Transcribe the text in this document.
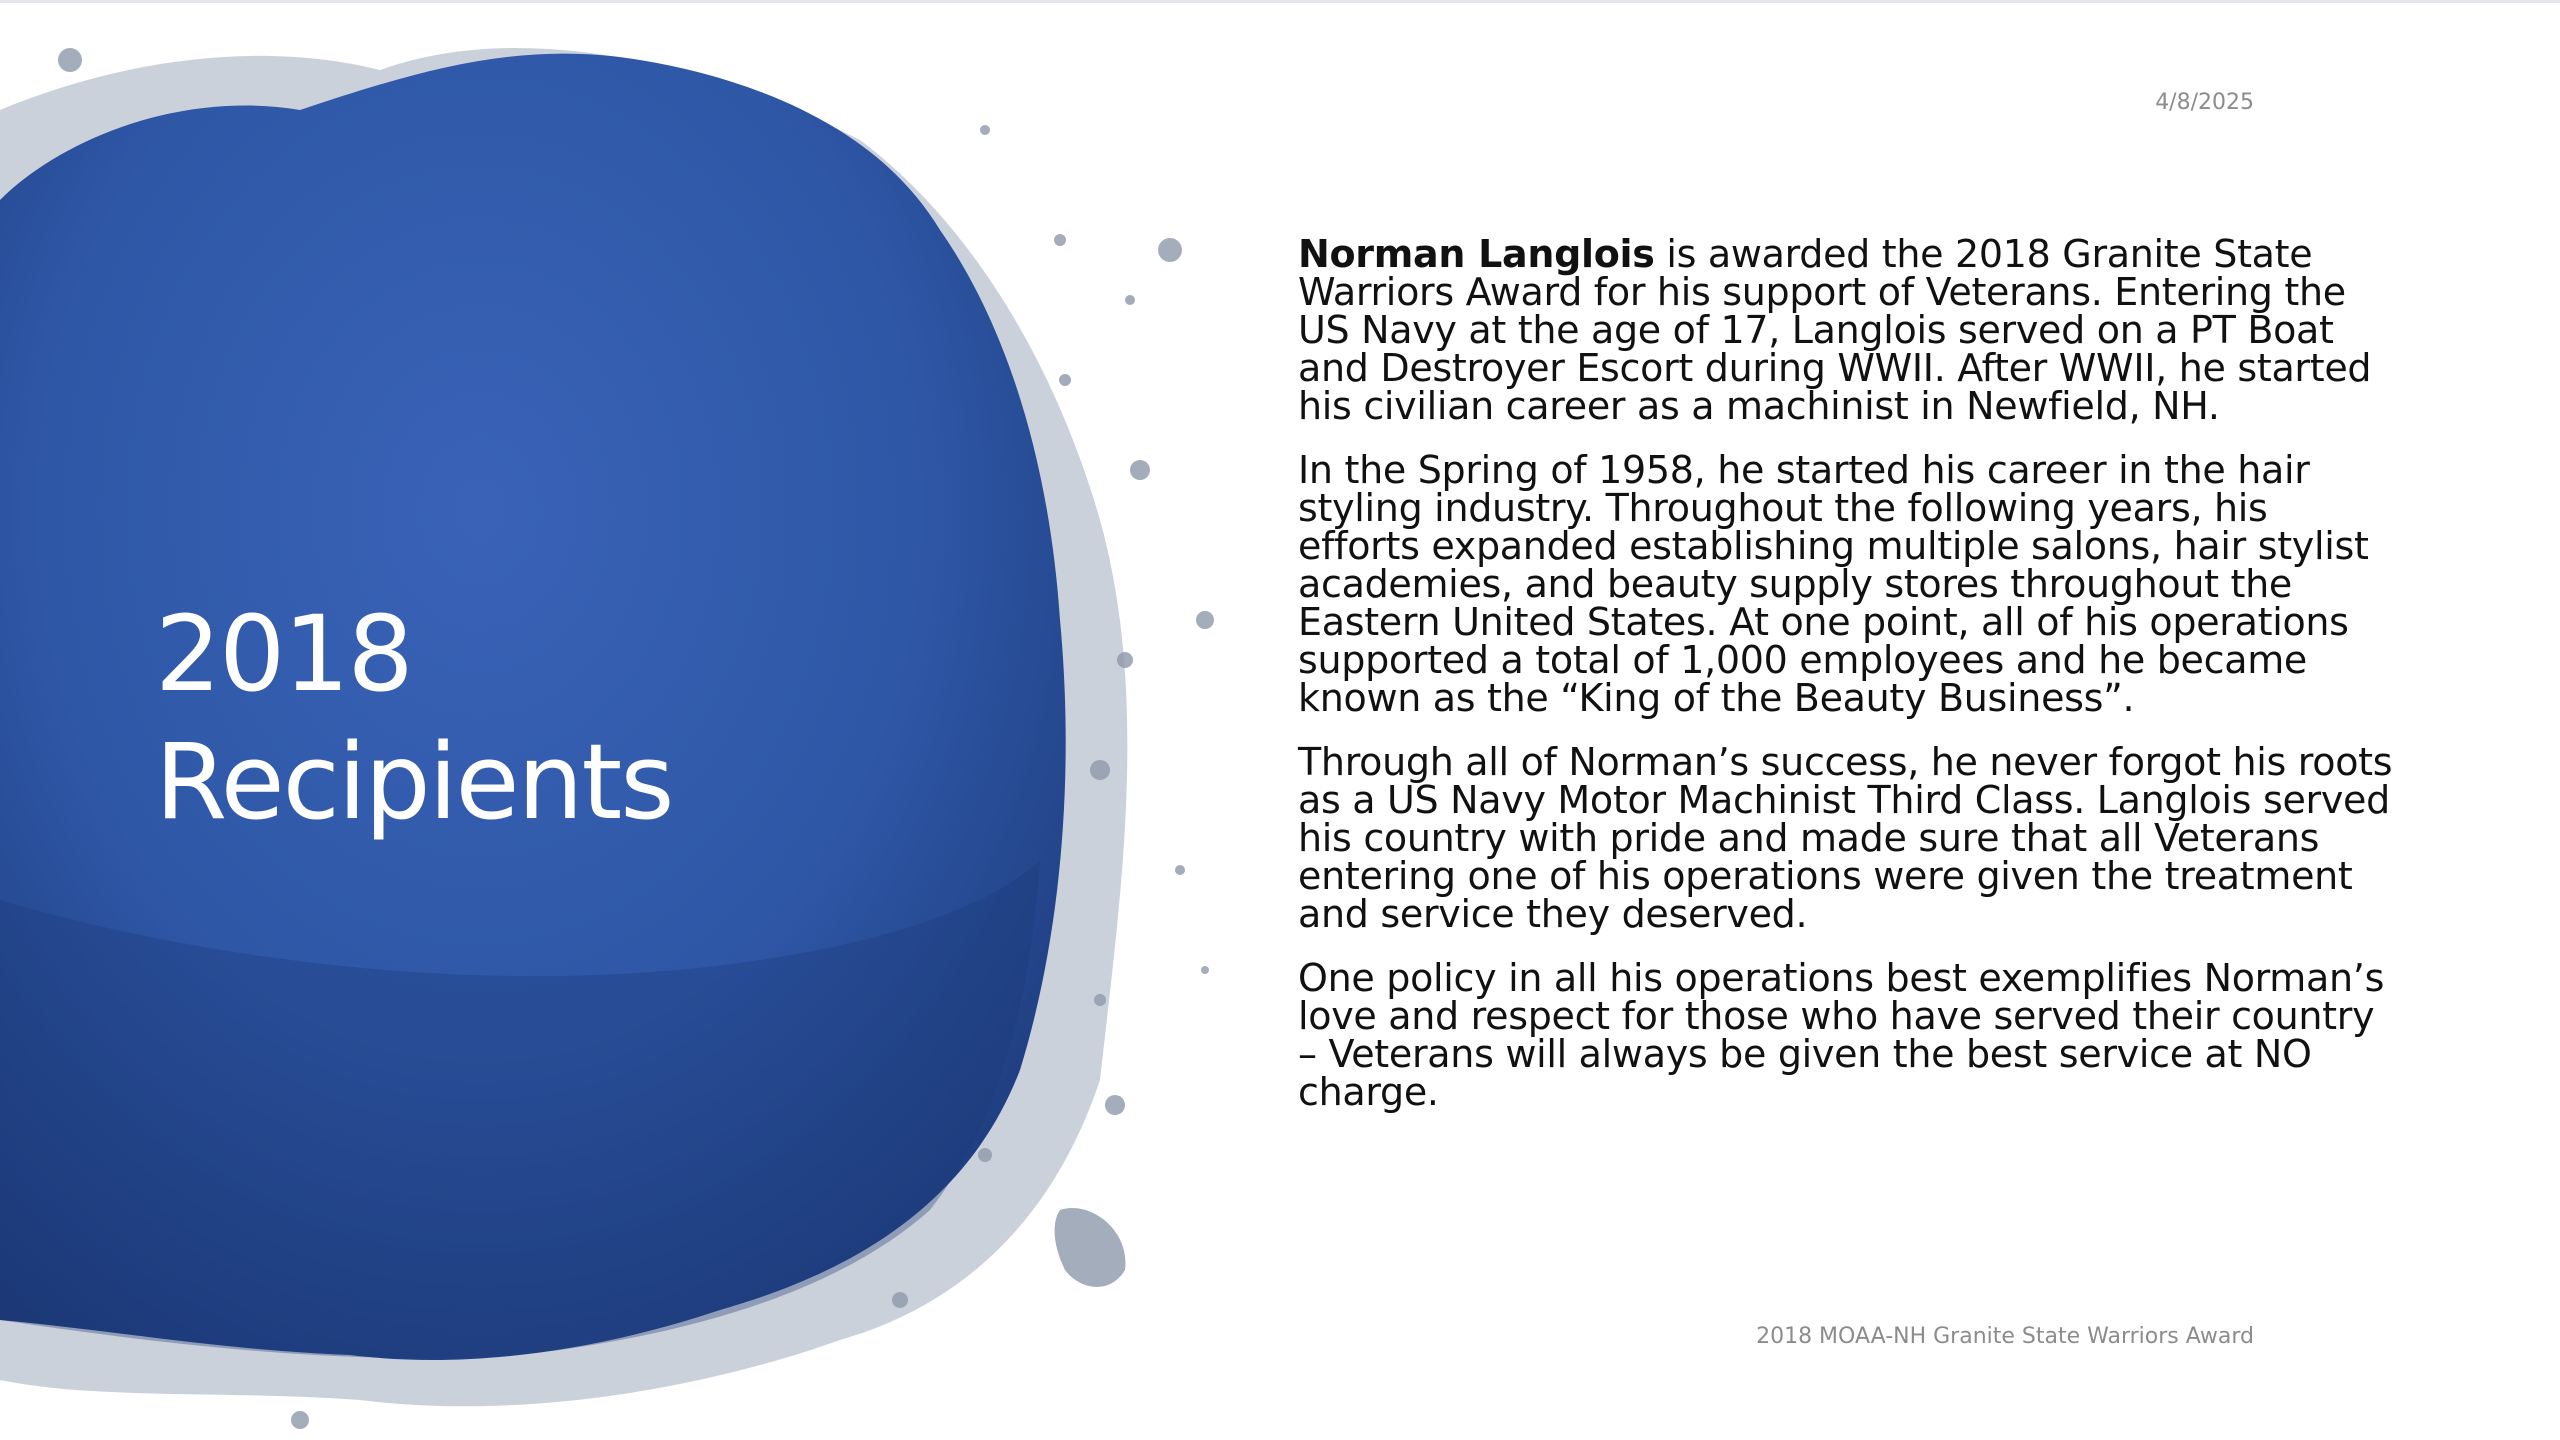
2018
Recipients
4/8/2025

Norman Langlois is awarded the 2018 Granite State Warriors Award for his support of Veterans. Entering the US Navy at the age of 17, Langlois served on a PT Boat and Destroyer Escort during WWII. After WWII, he started his civilian career as a machinist in Newfield, NH.

In the Spring of 1958, he started his career in the hair styling industry. Throughout the following years, his efforts expanded establishing multiple salons, hair stylist academies, and beauty supply stores throughout the Eastern United States. At one point, all of his operations supported a total of 1,000 employees and he became known as the “King of the Beauty Business”.

Through all of Norman’s success, he never forgot his roots as a US Navy Motor Machinist Third Class. Langlois served his country with pride and made sure that all Veterans entering one of his operations were given the treatment and service they deserved.

One policy in all his operations best exemplifies Norman’s love and respect for those who have served their country – Veterans will always be given the best service at NO charge.

2018 MOAA-NH Granite State Warriors Award
